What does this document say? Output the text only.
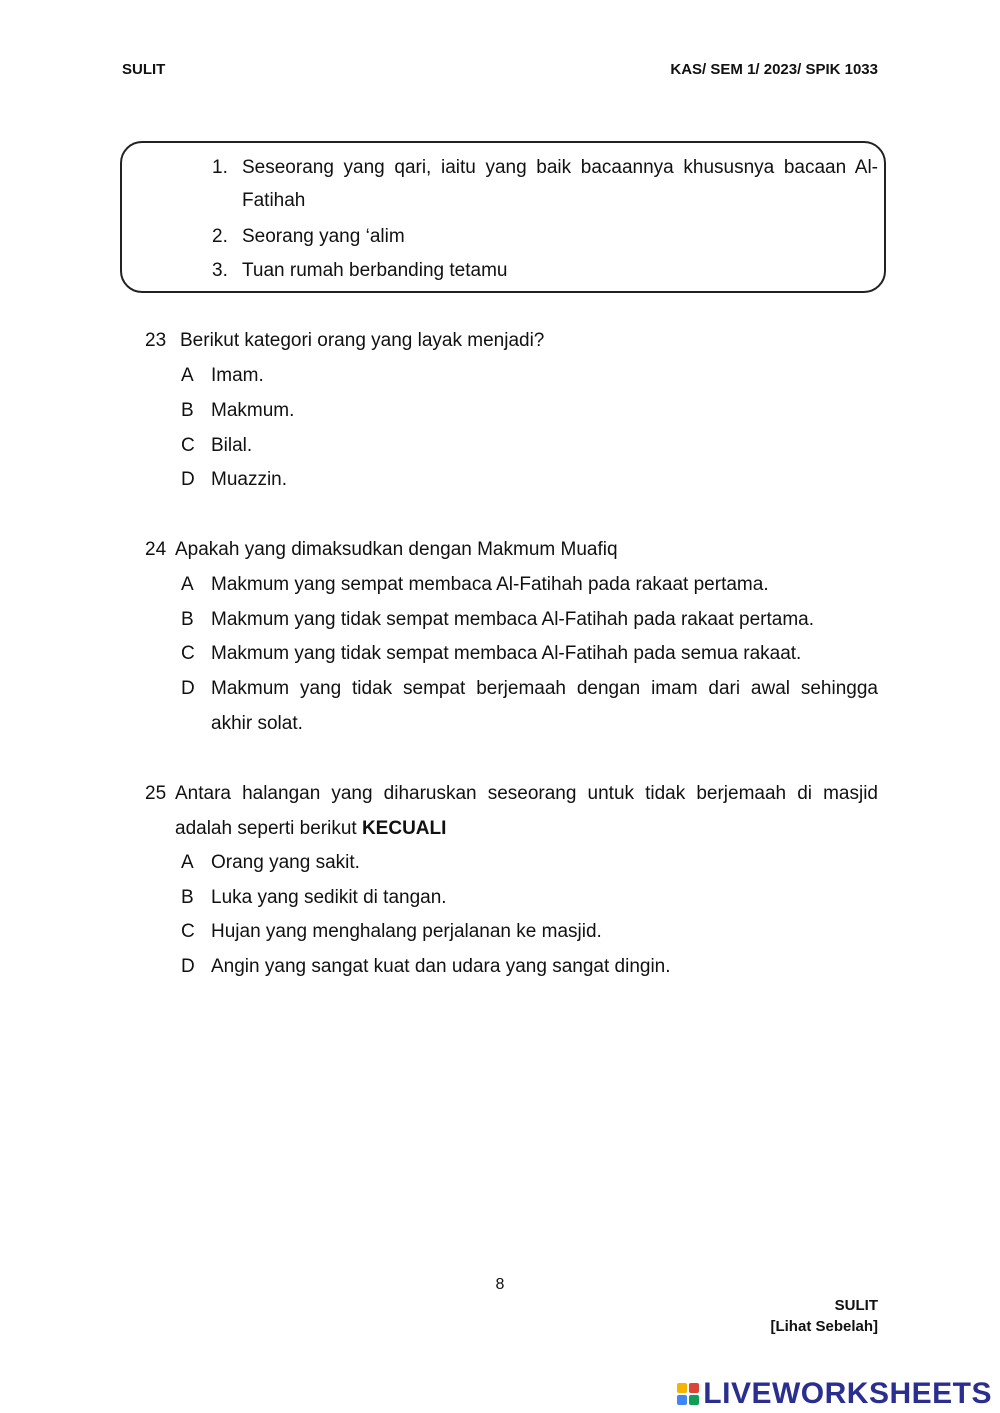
SULIT	KAS/ SEM 1/ 2023/ SPIK 1033
1. Seseorang yang qari, iaitu yang baik bacaannya khususnya bacaan Al-
Fatihah
2. Seorang yang ‘alim
3. Tuan rumah berbanding tetamu
23 Berikut kategori orang yang layak menjadi?
A Imam.
B Makmum.
C Bilal.
D Muazzin.
24 Apakah yang dimaksudkan dengan Makmum Muafiq
A Makmum yang sempat membaca Al-Fatihah pada rakaat pertama.
B Makmum yang tidak sempat membaca Al-Fatihah pada rakaat pertama.
C Makmum yang tidak sempat membaca Al-Fatihah pada semua rakaat.
D Makmum yang tidak sempat berjemaah dengan imam dari awal sehingga
akhir solat.
25 Antara halangan yang diharuskan seseorang untuk tidak berjemaah di masjid
adalah seperti berikut KECUALI
A Orang yang sakit.
B Luka yang sedikit di tangan.
C Hujan yang menghalang perjalanan ke masjid.
D Angin yang sangat kuat dan udara yang sangat dingin.
8
SULIT
[Lihat Sebelah]
LIVEWORKSHEETS
